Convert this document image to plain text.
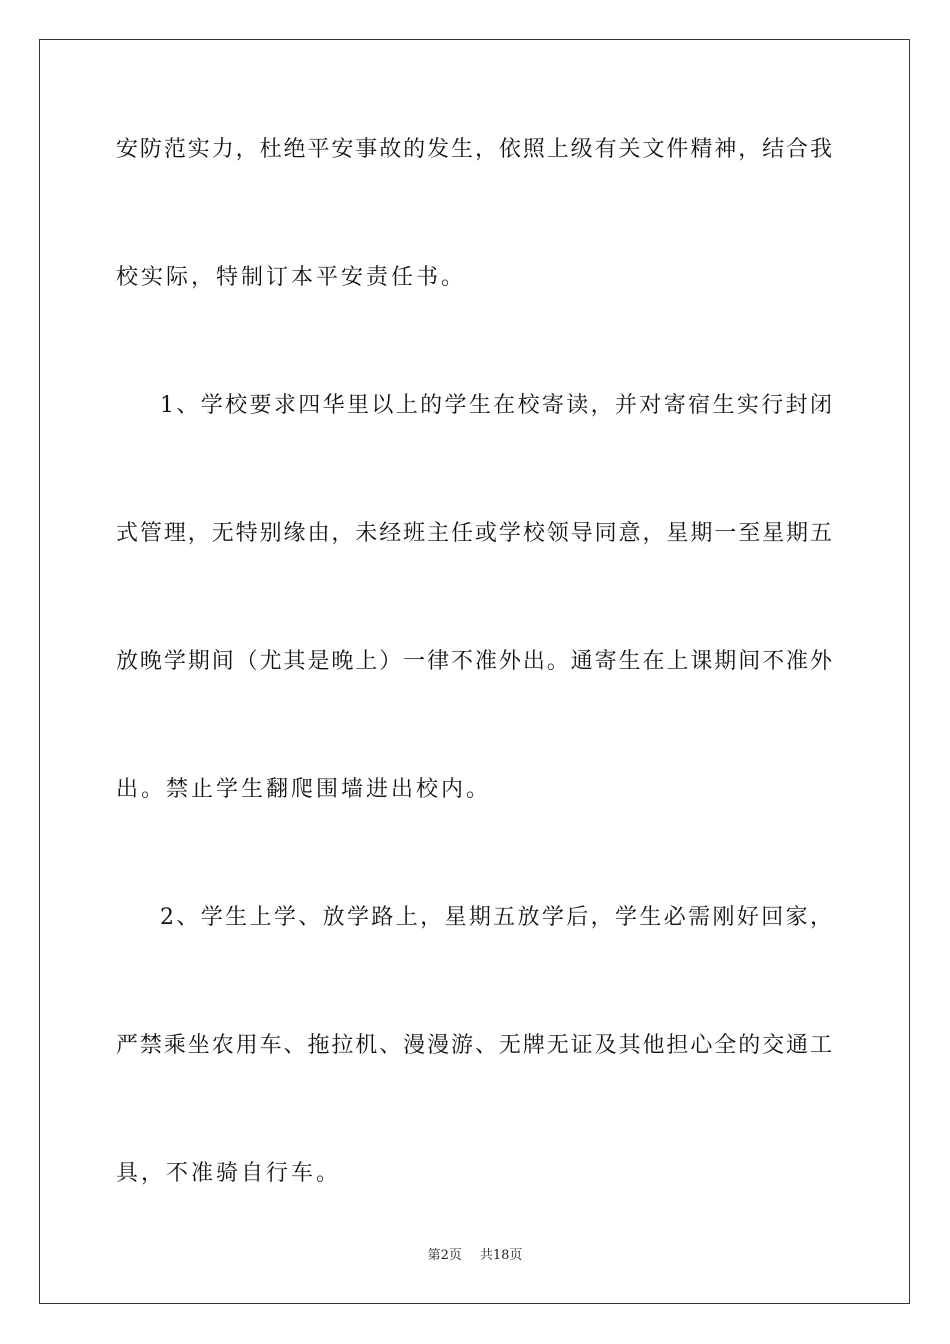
安防范实力，杜绝平安事故的发生，依照上级有关文件精神，结合我
校实际，特制订本平安责任书。
1、学校要求四华里以上的学生在校寄读，并对寄宿生实行封闭
式管理，无特别缘由，未经班主任或学校领导同意，星期一至星期五
放晚学期间（尤其是晚上）一律不准外出。通寄生在上课期间不准外
出。禁止学生翻爬围墙进出校内。
2、学生上学、放学路上，星期五放学后，学生必需刚好回家，
严禁乘坐农用车、拖拉机、漫漫游、无牌无证及其他担心全的交通工
具，不准骑自行车。
第2页 共18页
